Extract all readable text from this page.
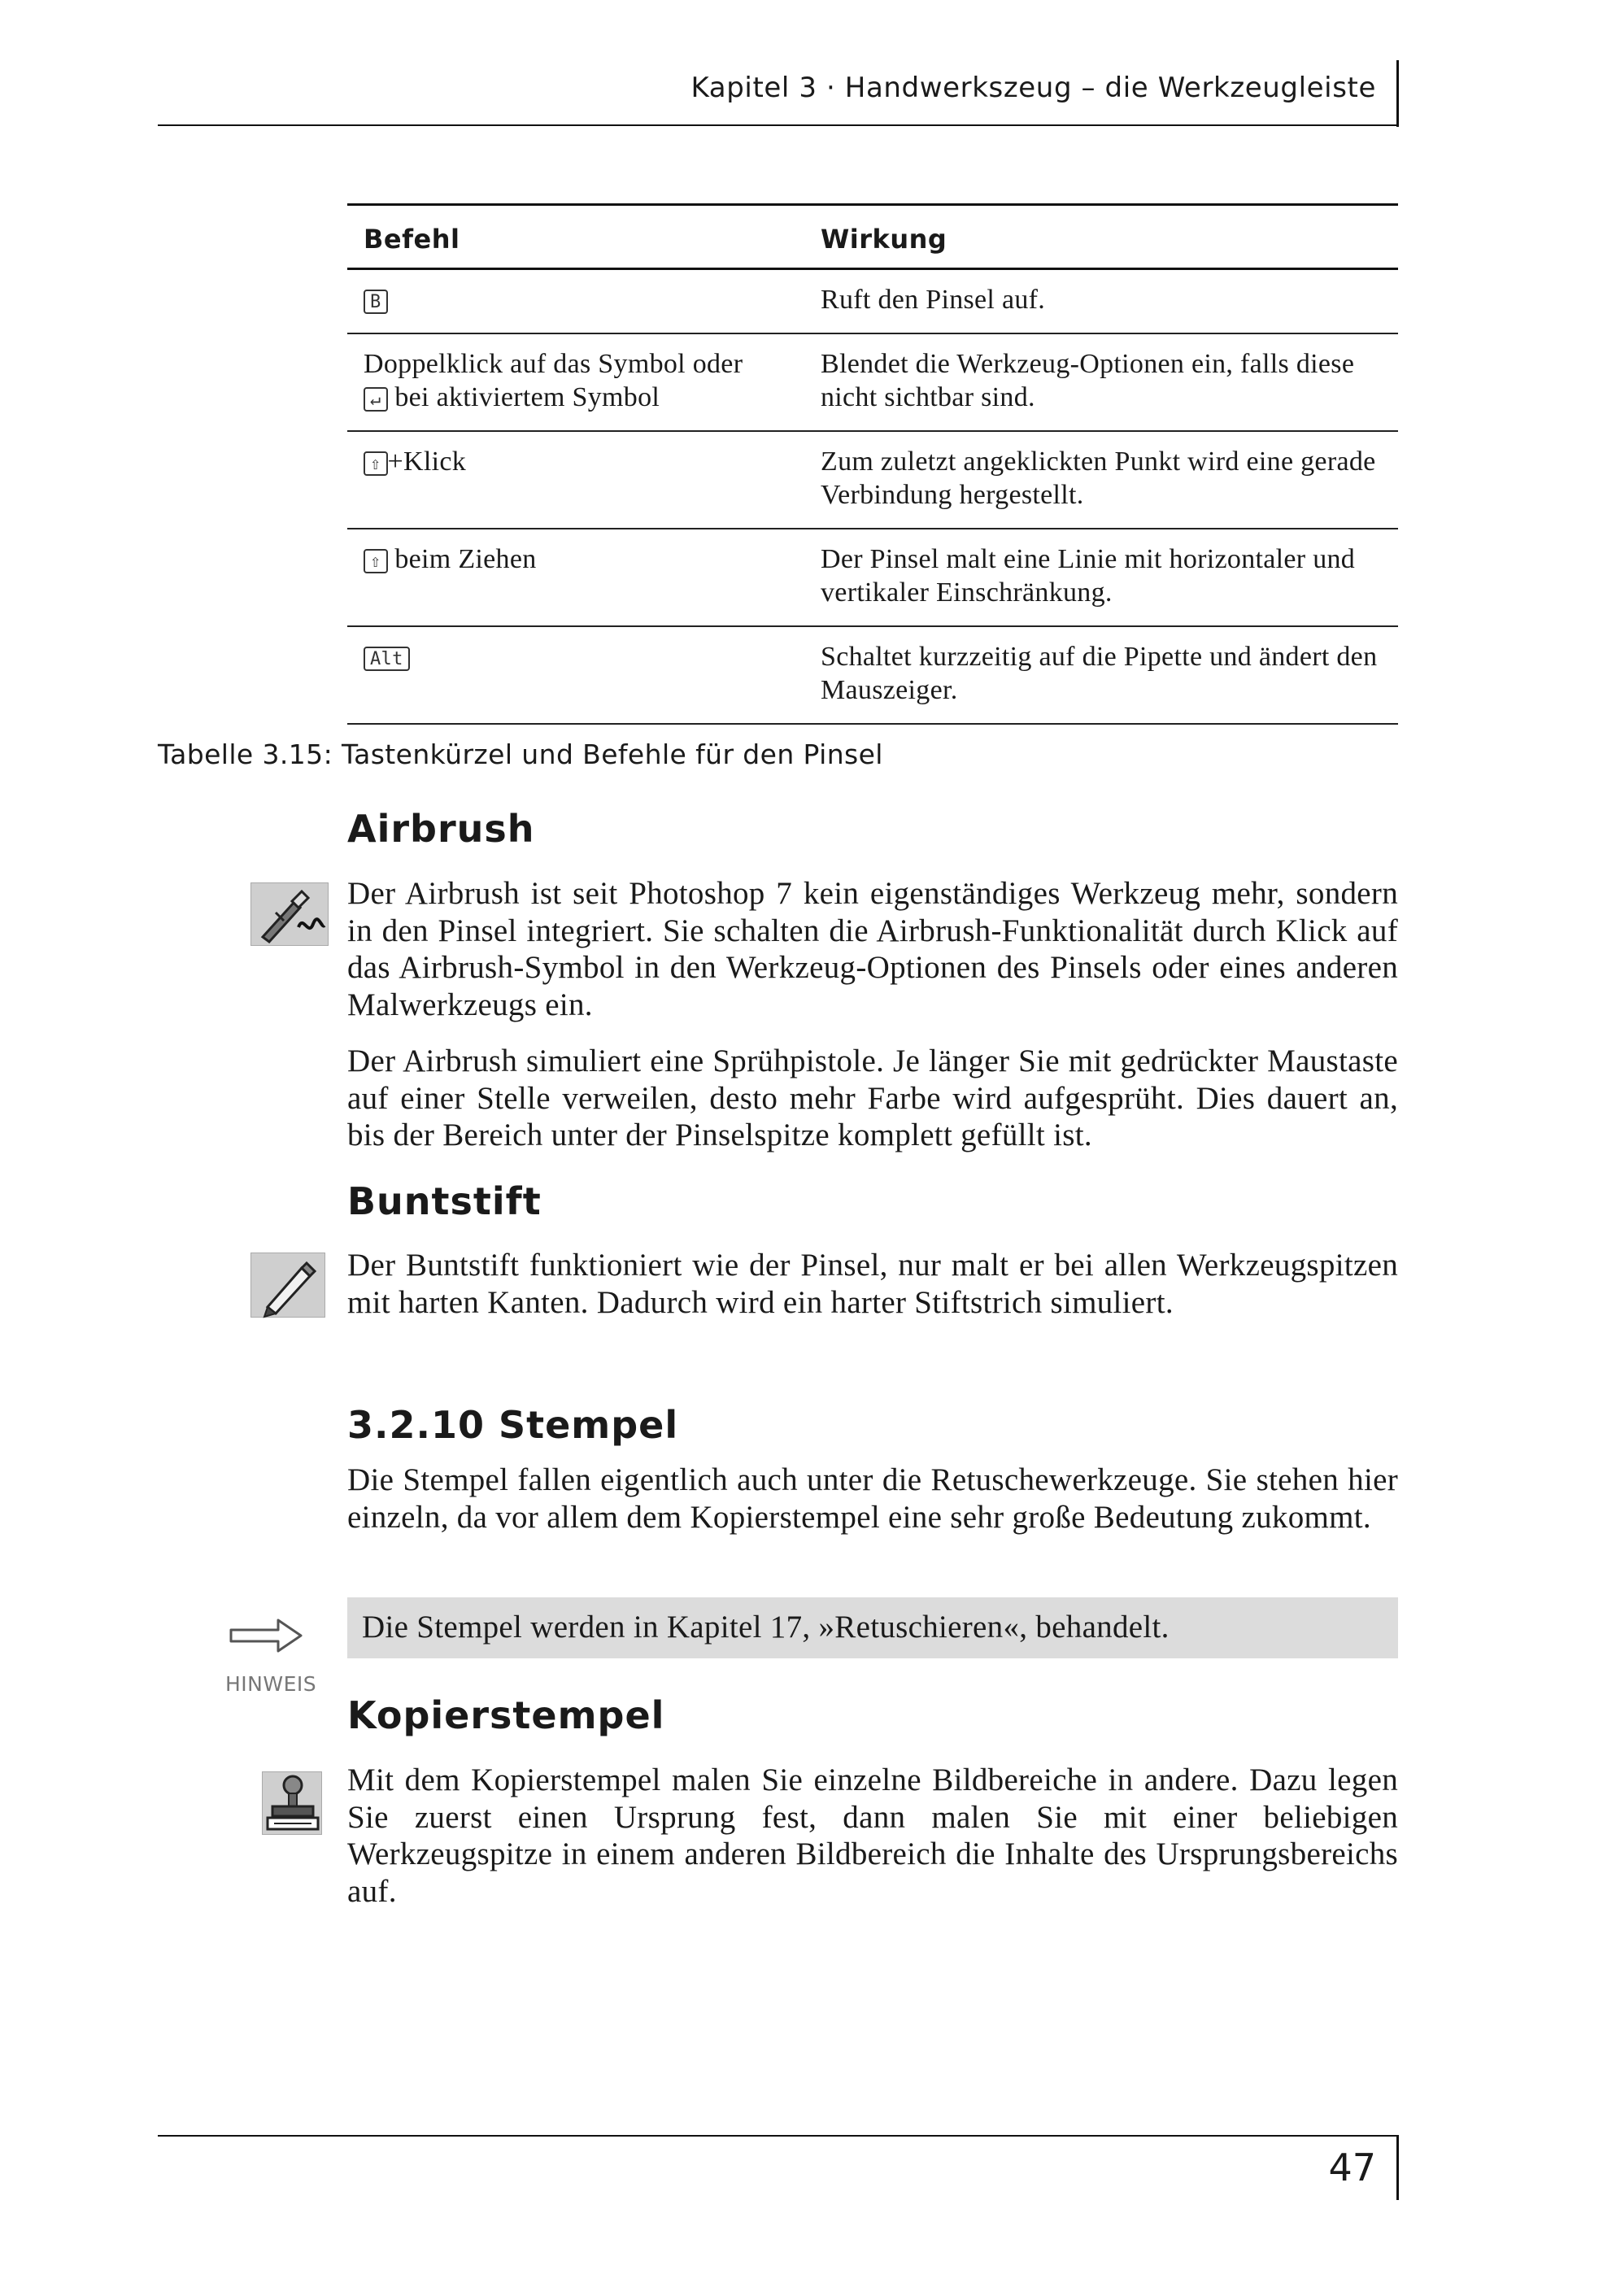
Kapitel 3 · Handwerkszeug – die Werkzeugleiste
Befehl	Wirkung
B	Ruft den Pinsel auf.
Doppelklick auf das Symbol oder
↵ bei aktiviertem Symbol	Blendet die Werkzeug-Optionen ein, falls diese nicht sichtbar sind.
⇧ +Klick	Zum zuletzt angeklickten Punkt wird eine gerade Verbindung hergestellt.
⇧ beim Ziehen	Der Pinsel malt eine Linie mit horizontaler und vertikaler Einschränkung.
Alt	Schaltet kurzzeitig auf die Pipette und ändert den Mauszeiger.
Tabelle 3.15: Tastenkürzel und Befehle für den Pinsel
Airbrush
Der Airbrush ist seit Photoshop 7 kein eigenständiges Werkzeug mehr, sondern in den Pinsel integriert. Sie schalten die Airbrush-Funktionalität durch Klick auf das Airbrush-Symbol in den Werkzeug-Optionen des Pinsels oder eines anderen Malwerkzeugs ein.
Der Airbrush simuliert eine Sprühpistole. Je länger Sie mit gedrückter Maustaste auf einer Stelle verweilen, desto mehr Farbe wird aufgesprüht. Dies dauert an, bis der Bereich unter der Pinselspitze komplett gefüllt ist.
Buntstift
Der Buntstift funktioniert wie der Pinsel, nur malt er bei allen Werkzeugspitzen mit harten Kanten. Dadurch wird ein harter Stiftstrich simuliert.
3.2.10 Stempel
Die Stempel fallen eigentlich auch unter die Retuschewerkzeuge. Sie stehen hier einzeln, da vor allem dem Kopierstempel eine sehr große Bedeutung zukommt.
HINWEIS
Die Stempel werden in Kapitel 17, »Retuschieren«, behandelt.
Kopierstempel
Mit dem Kopierstempel malen Sie einzelne Bildbereiche in andere. Dazu legen Sie zuerst einen Ursprung fest, dann malen Sie mit einer beliebigen Werkzeugspitze in einem anderen Bildbereich die Inhalte des Ursprungsbereichs auf.
47
